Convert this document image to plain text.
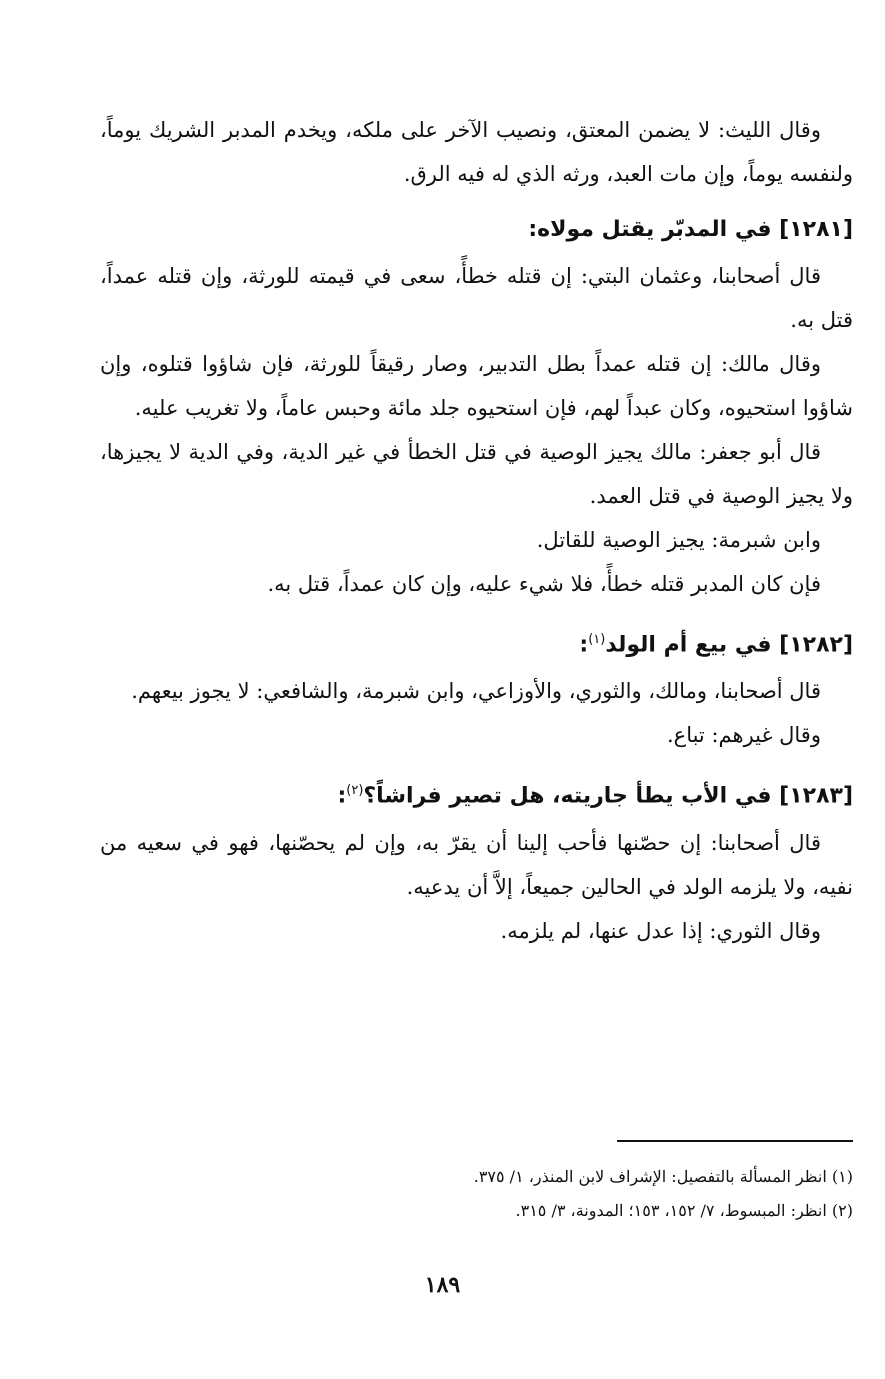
وقال الليث: لا يضمن المعتق، ونصيب الآخر على ملكه، ويخدم المدبر الشريك يوماً، ولنفسه يوماً، وإن مات العبد، ورثه الذي له فيه الرق.

[١٢٨١] في المدبّر يقتل مولاه:

قال أصحابنا، وعثمان البتي: إن قتله خطأً، سعى في قيمته للورثة، وإن قتله عمداً، قتل به.

وقال مالك: إن قتله عمداً بطل التدبير، وصار رقيقاً للورثة، فإن شاؤوا قتلوه، وإن شاؤوا استحيوه، وكان عبداً لهم، فإن استحيوه جلد مائة وحبس عاماً، ولا تغريب عليه.

قال أبو جعفر: مالك يجيز الوصية في قتل الخطأ في غير الدية، وفي الدية لا يجيزها، ولا يجيز الوصية في قتل العمد.

وابن شبرمة: يجيز الوصية للقاتل.

فإن كان المدبر قتله خطأً، فلا شيء عليه، وإن كان عمداً، قتل به.

[١٢٨٢] في بيع أم الولد$^{(١)}$:

قال أصحابنا، ومالك، والثوري، والأوزاعي، وابن شبرمة، والشافعي: لا يجوز بيعهم.

وقال غيرهم: تباع.

[١٢٨٣] في الأب يطأ جاريته، هل تصير فراشاً؟$^{(٢)}$:

قال أصحابنا: إن حصّنها فأحب إلينا أن يقرّ به، وإن لم يحصّنها، فهو في سعيه من نفيه، ولا يلزمه الولد في الحالين جميعاً، إلاَّ أن يدعيه.

وقال الثوري: إذا عدل عنها، لم يلزمه.

(١) انظر المسألة بالتفصيل: الإشراف لابن المنذر، ١/ ٣٧٥.

(٢) انظر: المبسوط، ٧/ ١٥٢، ١٥٣؛ المدونة، ٣/ ٣١٥.

١٨٩
